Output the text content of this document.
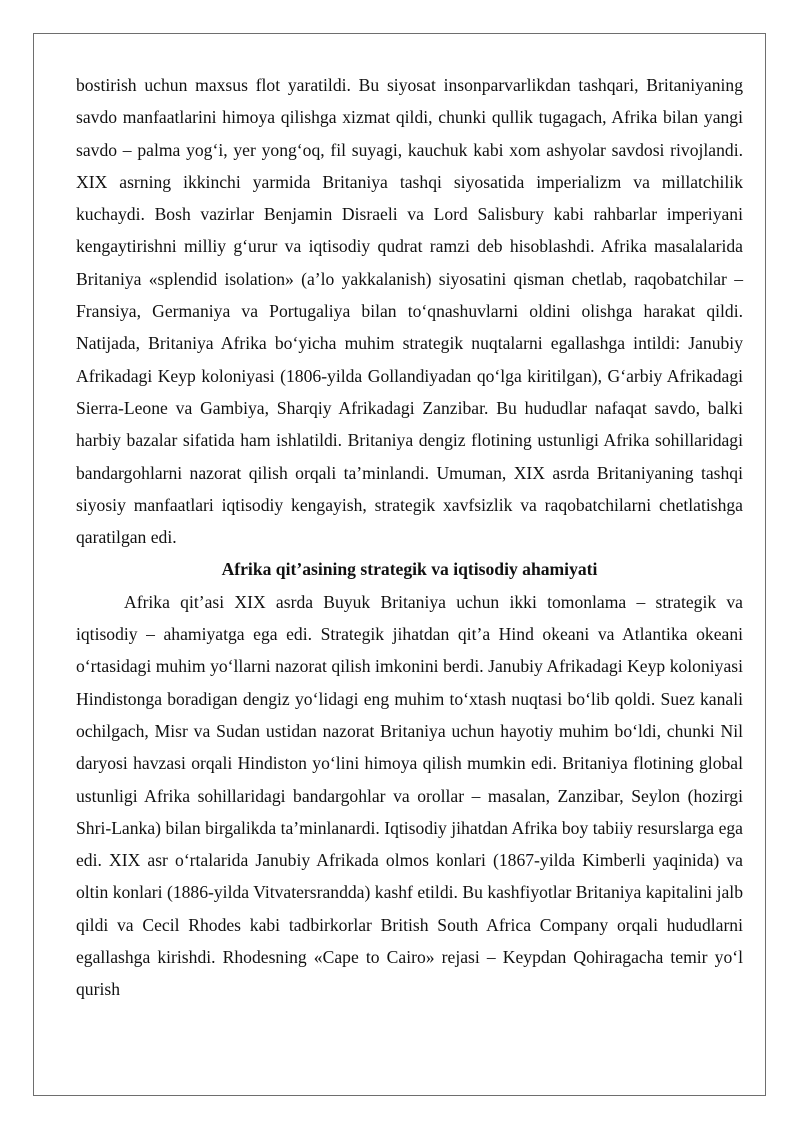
bostirish uchun maxsus flot yaratildi. Bu siyosat insonparvarlikdan tashqari, Britaniyaning savdo manfaatlarini himoya qilishga xizmat qildi, chunki qullik tugagach, Afrika bilan yangi savdo – palma yog‘i, yer yong‘oq, fil suyagi, kauchuk kabi xom ashyolar savdosi rivojlandi. XIX asrning ikkinchi yarmida Britaniya tashqi siyosatida imperializm va millatchilik kuchaydi. Bosh vazirlar Benjamin Disraeli va Lord Salisbury kabi rahbarlar imperiyani kengaytirishni milliy g‘urur va iqtisodiy qudrat ramzi deb hisoblashdi. Afrika masalalarida Britaniya «splendid isolation» (a’lo yakkalanish) siyosatini qisman chetlab, raqobatchilar – Fransiya, Germaniya va Portugaliya bilan to‘qnashuvlarni oldini olishga harakat qildi. Natijada, Britaniya Afrika bo‘yicha muhim strategik nuqtalarni egallashga intildi: Janubiy Afrikadagi Keyp koloniyasi (1806-yilda Gollandiyadan qo‘lga kiritilgan), G‘arbiy Afrikadagi Sierra-Leone va Gambiya, Sharqiy Afrikadagi Zanzibar. Bu hududlar nafaqat savdo, balki harbiy bazalar sifatida ham ishlatildi. Britaniya dengiz flotining ustunligi Afrika sohillaridagi bandargohlarni nazorat qilish orqali ta’minlandi. Umuman, XIX asrda Britaniyaning tashqi siyosiy manfaatlari iqtisodiy kengayish, strategik xavfsizlik va raqobatchilarni chetlatishga qaratilgan edi.

Afrika qit’asining strategik va iqtisodiy ahamiyati

Afrika qit’asi XIX asrda Buyuk Britaniya uchun ikki tomonlama – strategik va iqtisodiy – ahamiyatga ega edi. Strategik jihatdan qit’a Hind okeani va Atlantika okeani o‘rtasidagi muhim yo‘llarni nazorat qilish imkonini berdi. Janubiy Afrikadagi Keyp koloniyasi Hindistonga boradigan dengiz yo‘lidagi eng muhim to‘xtash nuqtasi bo‘lib qoldi. Suez kanali ochilgach, Misr va Sudan ustidan nazorat Britaniya uchun hayotiy muhim bo‘ldi, chunki Nil daryosi havzasi orqali Hindiston yo‘lini himoya qilish mumkin edi. Britaniya flotining global ustunligi Afrika sohillaridagi bandargohlar va orollar – masalan, Zanzibar, Seylon (hozirgi Shri-Lanka) bilan birgalikda ta’minlanardi. Iqtisodiy jihatdan Afrika boy tabiiy resurslarga ega edi. XIX asr o‘rtalarida Janubiy Afrikada olmos konlari (1867-yilda Kimberli yaqinida) va oltin konlari (1886-yilda Vitvatersrandda) kashf etildi. Bu kashfiyotlar Britaniya kapitalini jalb qildi va Cecil Rhodes kabi tadbirkorlar British South Africa Company orqali hududlarni egallashga kirishdi. Rhodesning «Cape to Cairo» rejasi – Keypdan Qohiragacha temir yo‘l qurish
